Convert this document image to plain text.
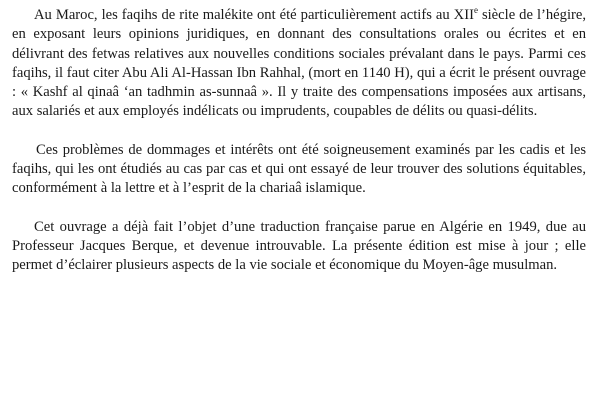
Au Maroc, les faqihs de rite malékite ont été particulièrement actifs au XIIe siècle de l’hégire, en exposant leurs opinions juridiques, en donnant des consultations orales ou écrites et en délivrant des fetwas relatives aux nouvelles conditions sociales prévalant dans le pays. Parmi ces faqihs, il faut citer Abu Ali Al-Hassan Ibn Rahhal, (mort en 1140 H), qui a écrit le présent ouvrage : « Kashf al qinaâ ‘an tadhmin as-sunnaâ ». Il y traite des compensations imposées aux artisans, aux salariés et aux employés indélicats ou imprudents, coupables de délits ou quasi-délits.

Ces problèmes de dommages et intérêts ont été soigneusement examinés par les cadis et les faqihs, qui les ont étudiés au cas par cas et qui ont essayé de leur trouver des solutions équitables, conformément à la lettre et à l’esprit de la chariaâ islamique.

Cet ouvrage a déjà fait l’objet d’une traduction française parue en Algérie en 1949, due au Professeur Jacques Berque, et devenue introuvable. La présente édition est mise à jour ; elle permet d’éclairer plusieurs aspects de la vie sociale et économique du Moyen-âge musulman.
